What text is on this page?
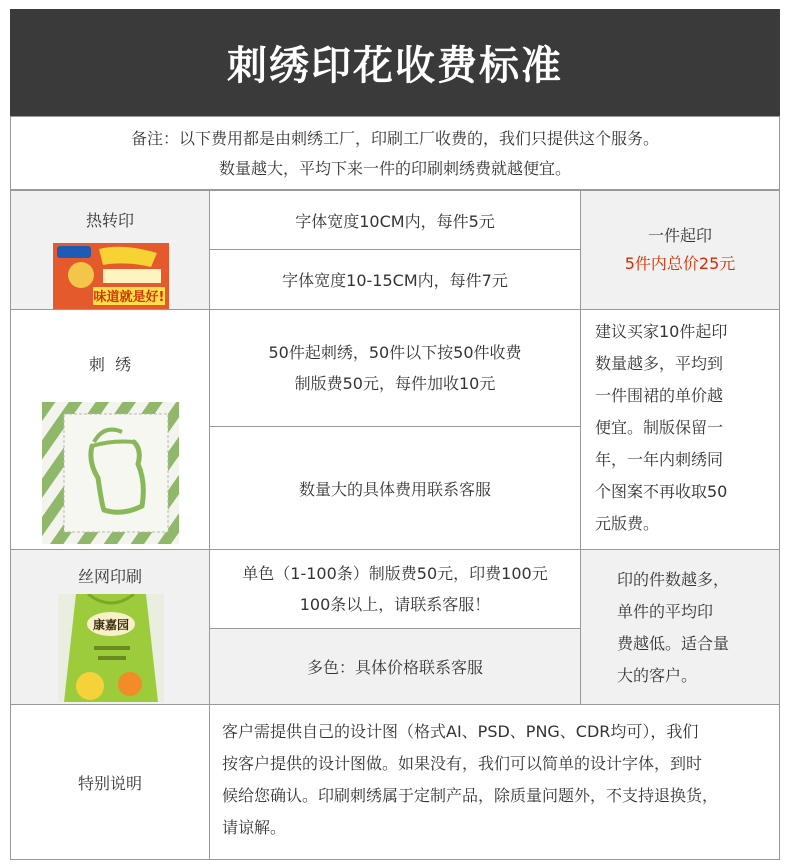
刺绣印花收费标准
备注：以下费用都是由刺绣工厂，印刷工厂收费的，我们只提供这个服务。
数量越大，平均下来一件的印刷刺绣费就越便宜。
热转印
味道就是好!
字体宽度10CM内，每件5元
字体宽度10-15CM内，每件7元
一件起印
5件内总价25元
刺  绣
50件起刺绣，50件以下按50件收费
制版费50元，每件加收10元
数量大的具体费用联系客服
建议买家10件起印
数量越多，平均到
一件围裙的单价越
便宜。制版保留一
年，一年内刺绣同
个图案不再收取50
元版费。
丝网印刷
康嘉园
单色（1-100条）制版费50元，印费100元
100条以上，请联系客服！
多色：具体价格联系客服
印的件数越多，
单件的平均印
费越低。适合量
大的客户。
特别说明
客户需提供自己的设计图（格式AI、PSD、PNG、CDR均可），我们
按客户提供的设计图做。如果没有，我们可以简单的设计字体，到时
候给您确认。印刷刺绣属于定制产品，除质量问题外，不支持退换货，
请谅解。
